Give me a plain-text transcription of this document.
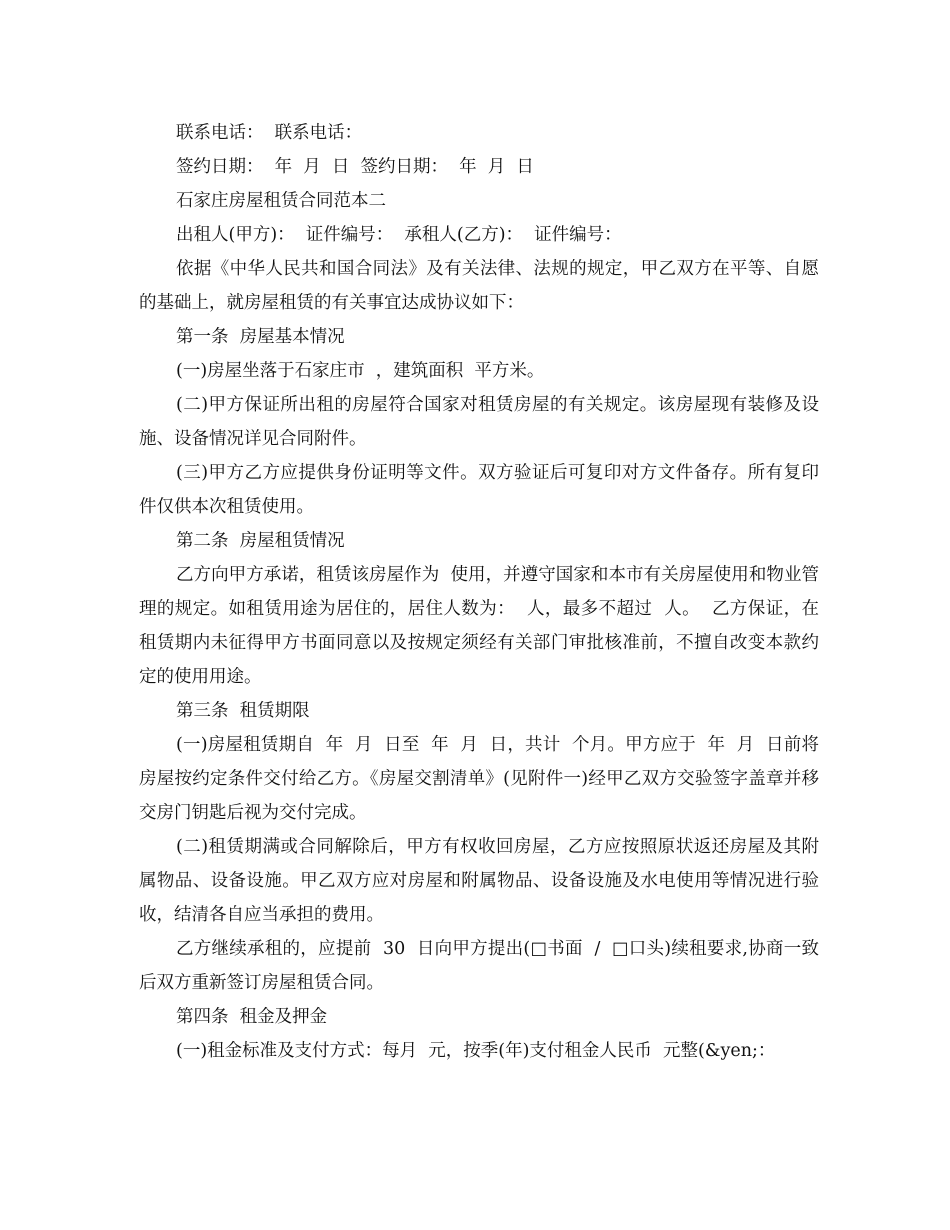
联系电话：  联系电话：

签约日期：  年  月  日  签约日期：  年  月  日

石家庄房屋租赁合同范本二

出租人(甲方)：  证件编号：  承租人(乙方)：  证件编号：

依据《中华人民共和国合同法》及有关法律、法规的规定，甲乙双方在平等、自愿的基础上，就房屋租赁的有关事宜达成协议如下：

第一条  房屋基本情况

(一)房屋坐落于石家庄市  ，建筑面积  平方米。

(二)甲方保证所出租的房屋符合国家对租赁房屋的有关规定。该房屋现有装修及设施、设备情况详见合同附件。

(三)甲方乙方应提供身份证明等文件。双方验证后可复印对方文件备存。所有复印件仅供本次租赁使用。

第二条  房屋租赁情况

乙方向甲方承诺，租赁该房屋作为  使用，并遵守国家和本市有关房屋使用和物业管理的规定。如租赁用途为居住的，居住人数为：  人，最多不超过  人。  乙方保证，在租赁期内未征得甲方书面同意以及按规定须经有关部门审批核准前，不擅自改变本款约定的使用用途。

第三条  租赁期限

(一)房屋租赁期自  年  月  日至  年  月  日，共计  个月。甲方应于  年  月  日前将房屋按约定条件交付给乙方。《房屋交割清单》(见附件一)经甲乙双方交验签字盖章并移交房门钥匙后视为交付完成。

(二)租赁期满或合同解除后，甲方有权收回房屋，乙方应按照原状返还房屋及其附属物品、设备设施。甲乙双方应对房屋和附属物品、设备设施及水电使用等情况进行验收，结清各自应当承担的费用。

乙方继续承租的，应提前  30  日向甲方提出(□书面  /  □口头)续租要求,协商一致后双方重新签订房屋租赁合同。

第四条  租金及押金

(一)租金标准及支付方式：每月  元，按季(年)支付租金人民币  元整(&yen;：
